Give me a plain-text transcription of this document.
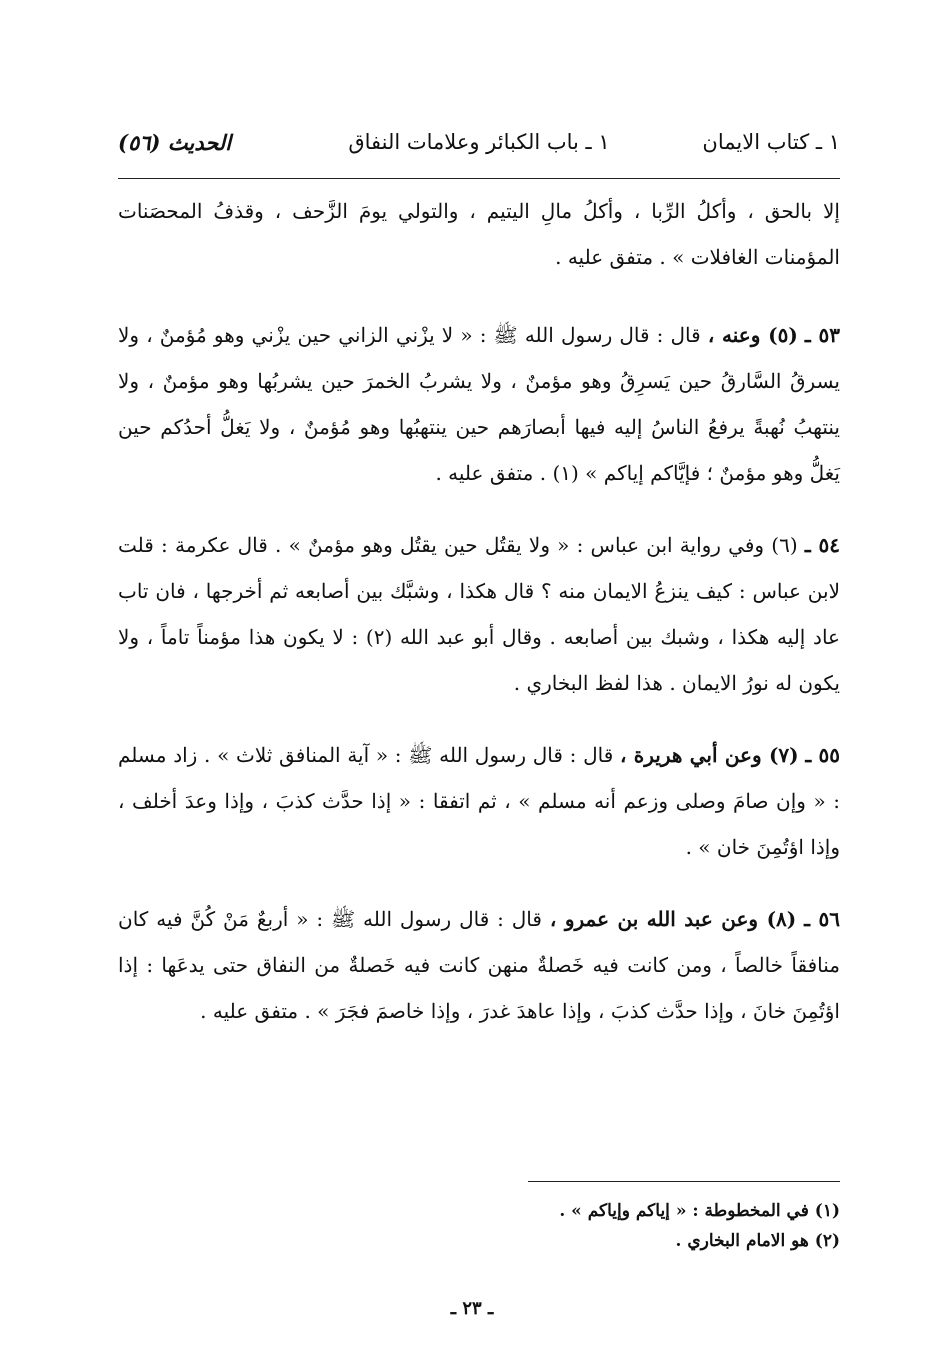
١ ـ كتاب الايمان
١ ـ باب الكبائر وعلامات النفاق
الحديث (٥٦)

إلا بالحق ، وأكلُ الرِّبا ، وأكلُ مالِ اليتيم ، والتولي يومَ الزَّحف ، وقذفُ المحصَنات المؤمنات الغافلات » . متفق عليه .

٥٣ ـ (٥) وعنه ، قال : قال رسول الله ﷺ : « لا يزْني الزاني حين يزْني وهو مُؤمنٌ ، ولا يسرقُ السَّارقُ حين يَسرِقُ وهو مؤمنٌ ، ولا يشربُ الخمرَ حين يشربُها وهو مؤمنٌ ، ولا ينتهبُ نُهبةً يرفعُ الناسُ إليه فيها أبصارَهم حين ينتهبُها وهو مُؤمنٌ ، ولا يَغلُّ أحدُكم حين يَغلُّ وهو مؤمنٌ ؛ فإيَّاكم إياكم » (١) . متفق عليه .

٥٤ ـ (٦) وفي رواية ابن عباس : « ولا يقتُل حين يقتُل وهو مؤمنٌ » . قال عكرمة : قلت لابن عباس : كيف ينزعُ الايمان منه ؟ قال هكذا ، وشبَّك بين أصابعه ثم أخرجها ، فان تاب عاد إليه هكذا ، وشبك بين أصابعه . وقال أبو عبد الله (٢) : لا يكون هذا مؤمناً تاماً ، ولا يكون له نورُ الايمان . هذا لفظ البخاري .

٥٥ ـ (٧) وعن أبي هريرة ، قال : قال رسول الله ﷺ : « آية المنافق ثلاث » . زاد مسلم : « وإن صامَ وصلى وزعم أنه مسلم » ، ثم اتفقا : « إذا حدَّث كذبَ ، وإذا وعدَ أخلف ، وإذا اؤتُمِنَ خان » .

٥٦ ـ (٨) وعن عبد الله بن عمرو ، قال : قال رسول الله ﷺ : « أربعٌ مَنْ كُنَّ فيه كان منافقاً خالصاً ، ومن كانت فيه خَصلةٌ منهن كانت فيه خَصلةٌ من النفاق حتى يدعَها : إذا اؤتُمِنَ خانَ ، وإذا حدَّث كذبَ ، وإذا عاهدَ غدرَ ، وإذا خاصمَ فجَرَ » . متفق عليه .

(١) في المخطوطة : « إياكم وإياكم » .
(٢) هو الامام البخاري .
ـ ٢٣ ـ
